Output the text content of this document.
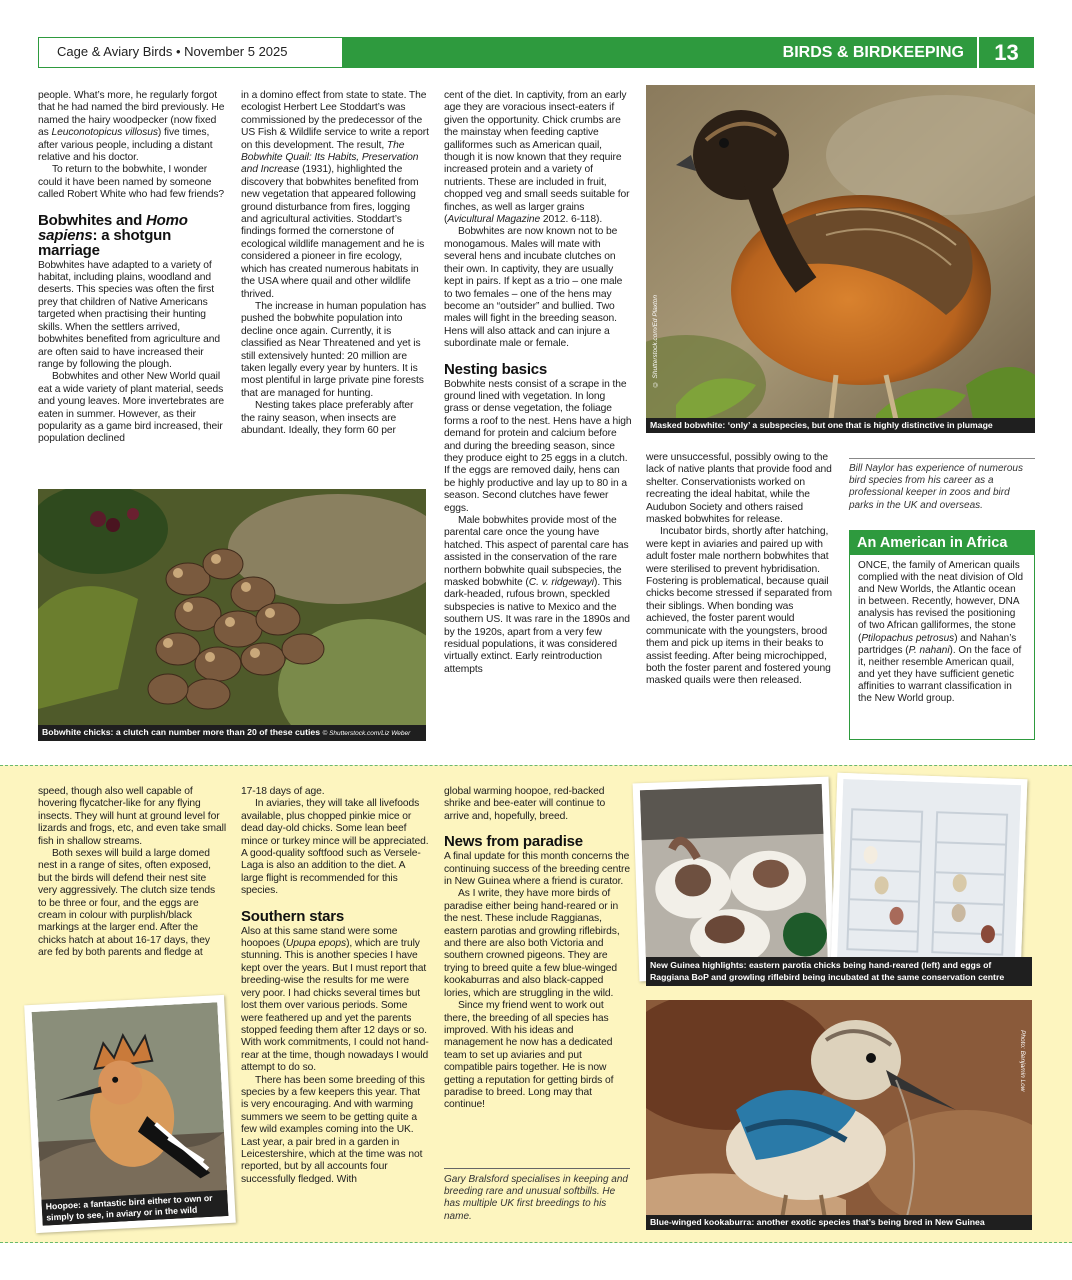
Cage & Aviary Birds • November 5 2025	BIRDS & BIRDKEEPING	13

people. What’s more, he regularly forgot that he had named the bird previously. He named the hairy woodpecker (now fixed as Leuconotopicus villosus) five times, after various people, including a distant relative and his doctor.

To return to the bobwhite, I wonder could it have been named by someone called Robert White who had few friends?

Bobwhites and Homo sapiens: a shotgun marriage

Bobwhites have adapted to a variety of habitat, including plains, woodland and deserts. This species was often the first prey that children of Native Americans targeted when practising their hunting skills. When the settlers arrived, bobwhites benefited from agriculture and are often said to have increased their range by following the plough.

Bobwhites and other New World quail eat a wide variety of plant material, seeds and young leaves. More invertebrates are eaten in summer. However, as their popularity as a game bird increased, their population declined

in a domino effect from state to state. The ecologist Herbert Lee Stoddart’s was commissioned by the predecessor of the US Fish & Wildlife service to write a report on this development. The result, The Bobwhite Quail: Its Habits, Preservation and Increase (1931), highlighted the discovery that bobwhites benefited from new vegetation that appeared following ground disturbance from fires, logging and agricultural activities. Stoddart’s findings formed the cornerstone of ecological wildlife management and he is considered a pioneer in fire ecology, which has created numerous habitats in the USA where quail and other wildlife thrived.

The increase in human population has pushed the bobwhite population into decline once again. Currently, it is classified as Near Threatened and yet is still extensively hunted: 20 million are taken legally every year by hunters. It is most plentiful in large private pine forests that are managed for hunting.

Nesting takes place preferably after the rainy season, when insects are abundant. Ideally, they form 60 per

cent of the diet. In captivity, from an early age they are voracious insect-eaters if given the opportunity. Chick crumbs are the mainstay when feeding captive galliformes such as American quail, though it is now known that they require increased protein and a variety of nutrients. These are included in fruit, chopped veg and small seeds suitable for finches, as well as larger grains (Avicultural Magazine 2012. 6-118).

Bobwhites are now known not to be monogamous. Males will mate with several hens and incubate clutches on their own. In captivity, they are usually kept in pairs. If kept as a trio – one male to two females – one of the hens may become an “outsider” and bullied. Two males will fight in the breeding season. Hens will also attack and can injure a subordinate male or female.

Nesting basics

Bobwhite nests consist of a scrape in the ground lined with vegetation. In long grass or dense vegetation, the foliage forms a roof to the nest. Hens have a high demand for protein and calcium before and during the breeding season, since they produce eight to 25 eggs in a clutch. If the eggs are removed daily, hens can be highly productive and lay up to 80 in a season. Second clutches have fewer eggs.

Male bobwhites provide most of the parental care once the young have hatched. This aspect of parental care has assisted in the conservation of the rare northern bobwhite quail subspecies, the masked bobwhite (C. v. ridgewayi). This dark-headed, rufous brown, speckled subspecies is native to Mexico and the southern US. It was rare in the 1890s and by the 1920s, apart from a very few residual populations, it was considered virtually extinct. Early reintroduction attempts

were unsuccessful, possibly owing to the lack of native plants that provide food and shelter. Conservationists worked on recreating the ideal habitat, while the Audubon Society and others raised masked bobwhites for release.

Incubator birds, shortly after hatching, were kept in aviaries and paired up with adult foster male northern bobwhites that were sterilised to prevent hybridisation. Fostering is problematical, because quail chicks become stressed if separated from their siblings. When bonding was achieved, the foster parent would communicate with the youngsters, brood them and pick up items in their beaks to assist feeding. After being microchipped, both the foster parent and fostered young masked quails were then released.

Bill Naylor has experience of numerous bird species from his career as a professional keeper in zoos and bird parks in the UK and overseas.
An American in Africa
ONCE, the family of American quails complied with the neat division of Old and New Worlds, the Atlantic ocean in between. Recently, however, DNA analysis has revised the positioning of two African galliformes, the stone (Ptilopachus petrosus) and Nahan’s partridges (P. nahani). On the face of it, neither resemble American quail, and yet they have sufficient genetic affinities to warrant classification in the New World group.
© Shutterstock.com/Ed Plaxton
Masked bobwhite: ‘only’ a subspecies, but one that is highly distinctive in plumage
Bobwhite chicks: a clutch can number more than 20 of these cuties © Shutterstock.com/Liz Weber

speed, though also well capable of hovering flycatcher-like for any flying insects. They will hunt at ground level for lizards and frogs, etc, and even take small fish in shallow streams.

Both sexes will build a large domed nest in a range of sites, often exposed, but the birds will defend their nest site very aggressively. The clutch size tends to be three or four, and the eggs are cream in colour with purplish/black markings at the larger end. After the chicks hatch at about 16-17 days, they are fed by both parents and fledge at

17-18 days of age.

In aviaries, they will take all livefoods available, plus chopped pinkie mice or dead day-old chicks. Some lean beef mince or turkey mince will be appreciated. A good-quality softfood such as Versele-Laga is also an addition to the diet. A large flight is recommended for this species.

Southern stars

Also at this same stand were some hoopoes (Upupa epops), which are truly stunning. This is another species I have kept over the years. But I must report that breeding-wise the results for me were very poor. I had chicks several times but lost them over various periods. Some were feathered up and yet the parents stopped feeding them after 12 days or so. With work commitments, I could not hand-rear at the time, though nowadays I would attempt to do so.

There has been some breeding of this species by a few keepers this year. That is very encouraging. And with warming summers we seem to be getting quite a few wild examples coming into the UK. Last year, a pair bred in a garden in Leicestershire, which at the time was not reported, but by all accounts four successfully fledged. With

global warming hoopoe, red-backed shrike and bee-eater will continue to arrive and, hopefully, breed.

News from paradise

A final update for this month concerns the continuing success of the breeding centre in New Guinea where a friend is curator.

As I write, they have more birds of paradise either being hand-reared or in the nest. These include Raggianas, eastern parotias and growling riflebirds, and there are also both Victoria and southern crowned pigeons. They are trying to breed quite a few blue-winged kookaburras and also black-capped lories, which are struggling in the wild.

Since my friend went to work out there, the breeding of all species has improved. With his ideas and management he now has a dedicated team to set up aviaries and put compatible pairs together. He is now getting a reputation for getting birds of paradise to breed. Long may that continue!

Gary Bralsford specialises in keeping and breeding rare and unusual softbills. He has multiple UK first breedings to his name.
Hoopoe: a fantastic bird either to own or simply to see, in aviary or in the wild
New Guinea highlights: eastern parotia chicks being hand-reared (left) and eggs of Raggiana BoP and growling riflebird being incubated at the same conservation centre
Photo: Benjamin Low
Blue-winged kookaburra: another exotic species that’s being bred in New Guinea
